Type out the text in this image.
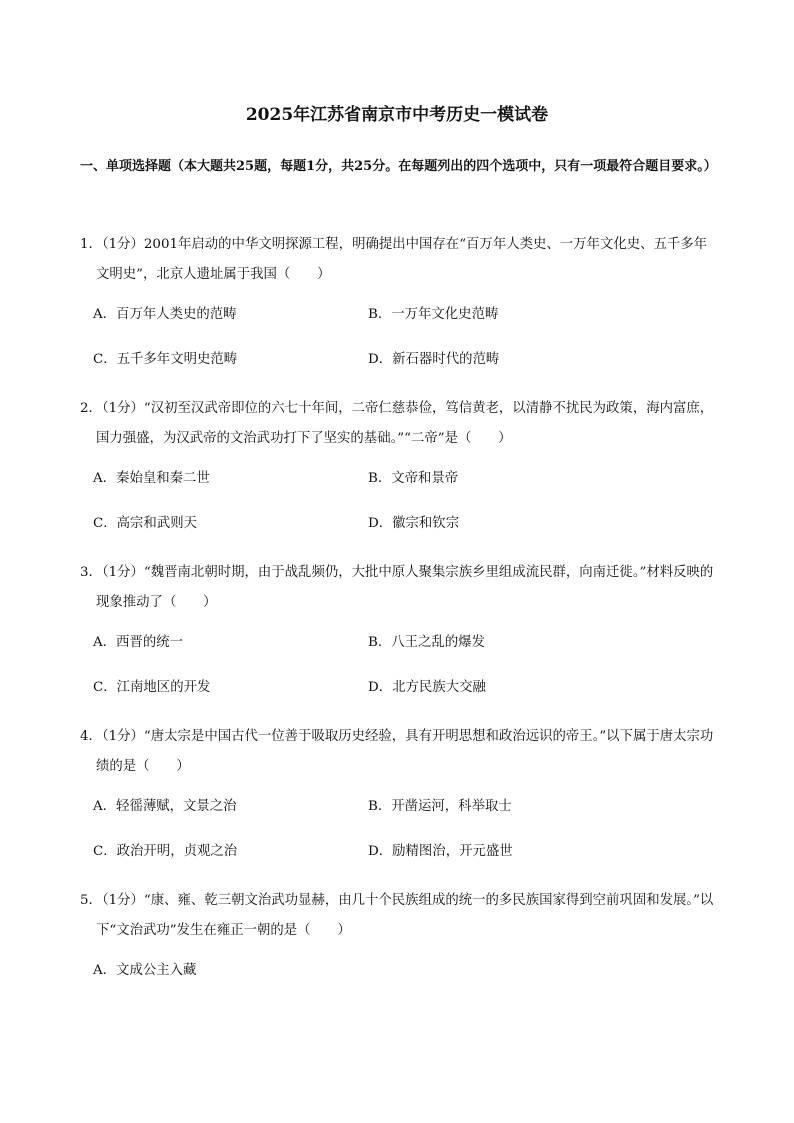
2025年江苏省南京市中考历史一模试卷
一、单项选择题（本大题共25题，每题1分，共25分。在每题列出的四个选项中，只有一项最符合题目要求。）
1．（1分）2001年启动的中华文明探源工程，明确提出中国存在“百万年人类史、一万年文化史、五千多年文明史”，北京人遗址属于我国（　　）
A．百万年人类史的范畴	B．一万年文化史范畴
C．五千多年文明史范畴	D．新石器时代的范畴
2．（1分）“汉初至汉武帝即位的六七十年间，二帝仁慈恭俭，笃信黄老，以清静不扰民为政策，海内富庶，国力强盛，为汉武帝的文治武功打下了坚实的基础。”“二帝”是（　　）
A．秦始皇和秦二世	B．文帝和景帝
C．高宗和武则天	D．徽宗和钦宗
3．（1分）“魏晋南北朝时期，由于战乱频仍，大批中原人聚集宗族乡里组成流民群，向南迁徙。”材料反映的现象推动了（　　）
A．西晋的统一	B．八王之乱的爆发
C．江南地区的开发	D．北方民族大交融
4．（1分）“唐太宗是中国古代一位善于吸取历史经验，具有开明思想和政治远识的帝王。”以下属于唐太宗功绩的是（　　）
A．轻徭薄赋，文景之治	B．开凿运河，科举取士
C．政治开明，贞观之治	D．励精图治，开元盛世
5．（1分）“康、雍、乾三朝文治武功显赫，由几十个民族组成的统一的多民族国家得到空前巩固和发展。”以下“文治武功”发生在雍正一朝的是（　　）
A．文成公主入藏
